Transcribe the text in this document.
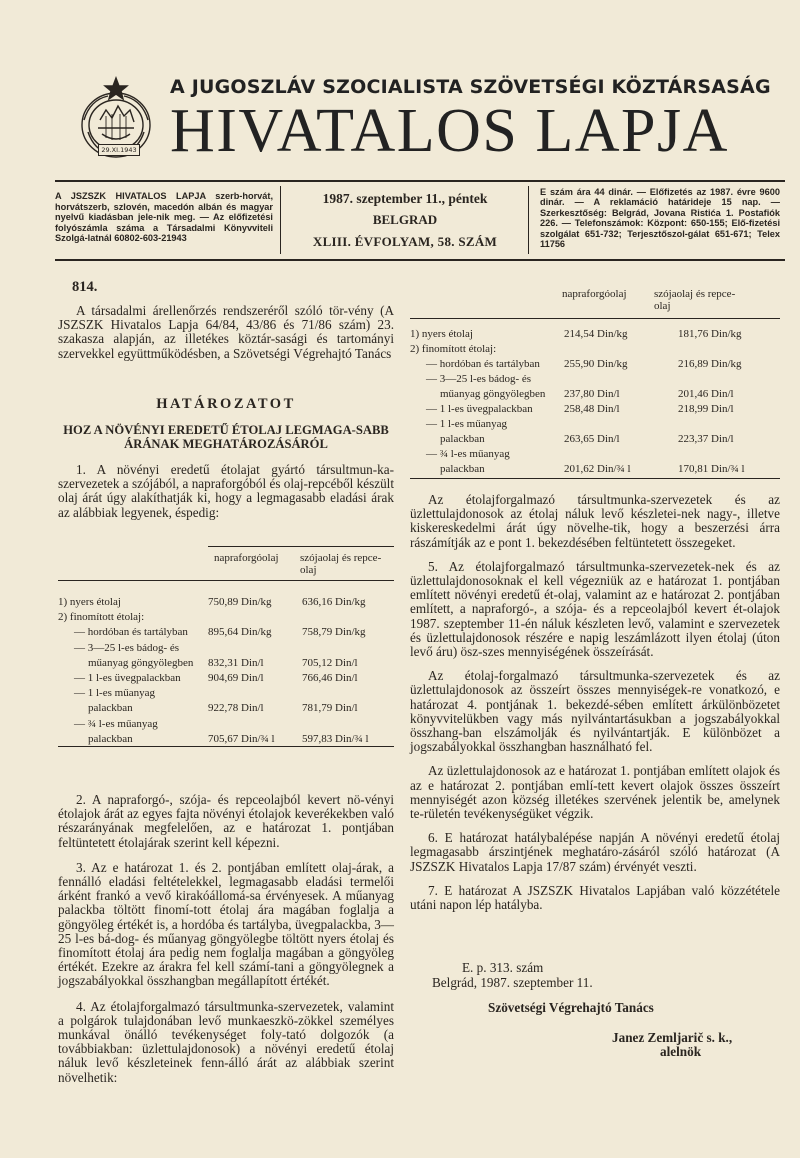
29.XI.1943
A JUGOSZLÁV SZOCIALISTA SZÖVETSÉGI KÖZTÁRSASÁG
HIVATALOS LAPJA
A JSZSZK HIVATALOS LAPJA szerb-horvát, horvátszerb, szlovén, macedón albán és magyar nyelvű kiadásban jele-nik meg. — Az előfizetési folyószámla száma a Társadalmi Könyvviteli Szolgá-latnál 60802-603-21943
1987. szeptember 11., péntek
BELGRAD
XLIII. ÉVFOLYAM, 58. SZÁM
E szám ára 44 dinár. — Előfizetés az 1987. évre 9600 dinár. — A reklamáció határideje 15 nap. — Szerkesztőség: Belgrád, Jovana Ristića 1. Postafiók 226. — Telefonszámok: Központ: 650-155; Elő-fizetési szolgálat 651-732; Terjesztőszol-gálat 651-671; Telex 11756
814.

A társadalmi árellenőrzés rendszeréről szóló tör-vény (A JSZSZK Hivatalos Lapja 64/84, 43/86 és 71/86 szám) 23. szakasza alapján, az illetékes köztár-sasági és tartományi szervekkel együttműködésben, a Szövetségi Végrehajtó Tanács

HATÁROZATOT
HOZ A NÖVÉNYI EREDETŰ ÉTOLAJ LEGMAGA-SABB ÁRÁNAK MEGHATÁROZÁSÁRÓL

1. A növényi eredetű étolajat gyártó társultmun-ka-szervezetek a szójából, a napraforgóból és olaj-repcéből készült olaj árát úgy alakíthatják ki, hogy a legmagasabb eladási árak az alábbiak legyenek, éspedig:

napraforgóolaj	szójaolaj és repce-olaj
1) nyers étolaj	750,89 Din/kg	636,16 Din/kg
2) finomított étolaj:
— hordóban és tartályban 895,64 Din/kg	758,79 Din/kg
— 3—25 l-es bádog- és
műanyag göngyölegben 832,31 Din/l	705,12 Din/l
— 1 l-es üvegpalackban 904,69 Din/l	766,46 Din/l
— 1 l-es műanyag
palackban	922,78 Din/l	781,79 Din/l
— ¾ l-es műanyag
palackban	705,67 Din/¾ l 597,83 Din/¾ l

2. A napraforgó-, szója- és repceolajból kevert nö-vényi étolajok árát az egyes fajta növényi étolajok keverékekben való részarányának megfelelően, az e határozat 1. pontjában feltüntetett étolajárak szerint kell képezni.

3. Az e határozat 1. és 2. pontjában említett olaj-árak, a fennálló eladási feltételekkel, legmagasabb eladási termelői árként frankó a vevő kirakóállomá-sa érvényesek. A műanyag palackba töltött finomí-tott étolaj ára magában foglalja a göngyöleg értékét is, a hordóba és tartályba, üvegpalackba, 3—25 l-es bá-dog- és műanyag göngyölegbe töltött nyers étolaj és finomított étolaj ára pedig nem foglalja magában a göngyöleg értékét. Ezekre az árakra fel kell számí-tani a göngyölegnek a jogszabályokkal összhangban megállapított értékét.

4. Az étolajforgalmazó társultmunka-szervezetek, valamint a polgárok tulajdonában levő munkaeszkö-zökkel személyes munkával önálló tevékenységet foly-tató dolgozók (a továbbiakban: üzlettulajdonosok) a növényi eredetű étolaj náluk levő készleteinek fenn-álló árát az alábbiak szerint növelhetik:

napraforgóolaj	szójaolaj és repce-olaj
1) nyers étolaj	214,54 Din/kg	181,76 Din/kg
2) finomított étolaj:
— hordóban és tartályban 255,90 Din/kg	216,89 Din/kg
— 3—25 l-es bádog- és
műanyag göngyölegben 237,80 Din/l	201,46 Din/l
— 1 l-es üvegpalackban	258,48 Din/l	218,99 Din/l
— 1 l-es műanyag
palackban	263,65 Din/l	223,37 Din/l
— ¾ l-es műanyag
palackban	201,62 Din/¾ l	170,81 Din/¾ l

Az étolajforgalmazó társultmunka-szervezetek és az üzlettulajdonosok az étolaj náluk levő készletei-nek nagy-, illetve kiskereskedelmi árát úgy növelhe-tik, hogy a beszerzési árra rászámítják az e pont 1. bekezdésében feltüntetett összegeket.

5. Az étolajforgalmazó társultmunka-szervezetek-nek és az üzlettulajdonosoknak el kell végezniük az e határozat 1. pontjában említett növényi eredetű ét-olaj, valamint az e határozat 2. pontjában említett, a napraforgó-, a szója- és a repceolajból kevert ét-olajok 1987. szeptember 11-én náluk készleten levő, valamint e szervezetek és üzlettulajdonosok részére e napig leszámlázott ilyen étolaj (úton levő áru) ösz-szes mennyiségének összeírását.

Az étolaj-forgalmazó társultmunka-szervezetek és az üzlettulajdonosok az összeírt összes mennyiségek-re vonatkozó, e határozat 4. pontjának 1. bekezdé-sében említett árkülönbözetet könyvvitelükben vagy más nyilvántartásukban a jogszabályokkal összhang-ban elszámolják és nyilvántartják. E különbözet a jogszabályokkal összhangban használható fel.

Az üzlettulajdonosok az e határozat 1. pontjában említett olajok és az e határozat 2. pontjában emlí-tett kevert olajok összes összeírt mennyiségét azon község illetékes szervének jelentik be, amelynek te-rületén tevékenységüket végzik.

6. E határozat hatálybalépése napján A növényi eredetű étolaj legmagasabb árszintjének meghatáro-zásáról szóló határozat (A JSZSZK Hivatalos Lapja 17/87 szám) érvényét veszti.

7. E határozat A JSZSZK Hivatalos Lapjában való közzététele utáni napon lép hatályba.

E. p. 313. szám
Belgrád, 1987. szeptember 11.
Szövetségi Végrehajtó Tanács
Janez Zemljarič s. k.,
alelnök
